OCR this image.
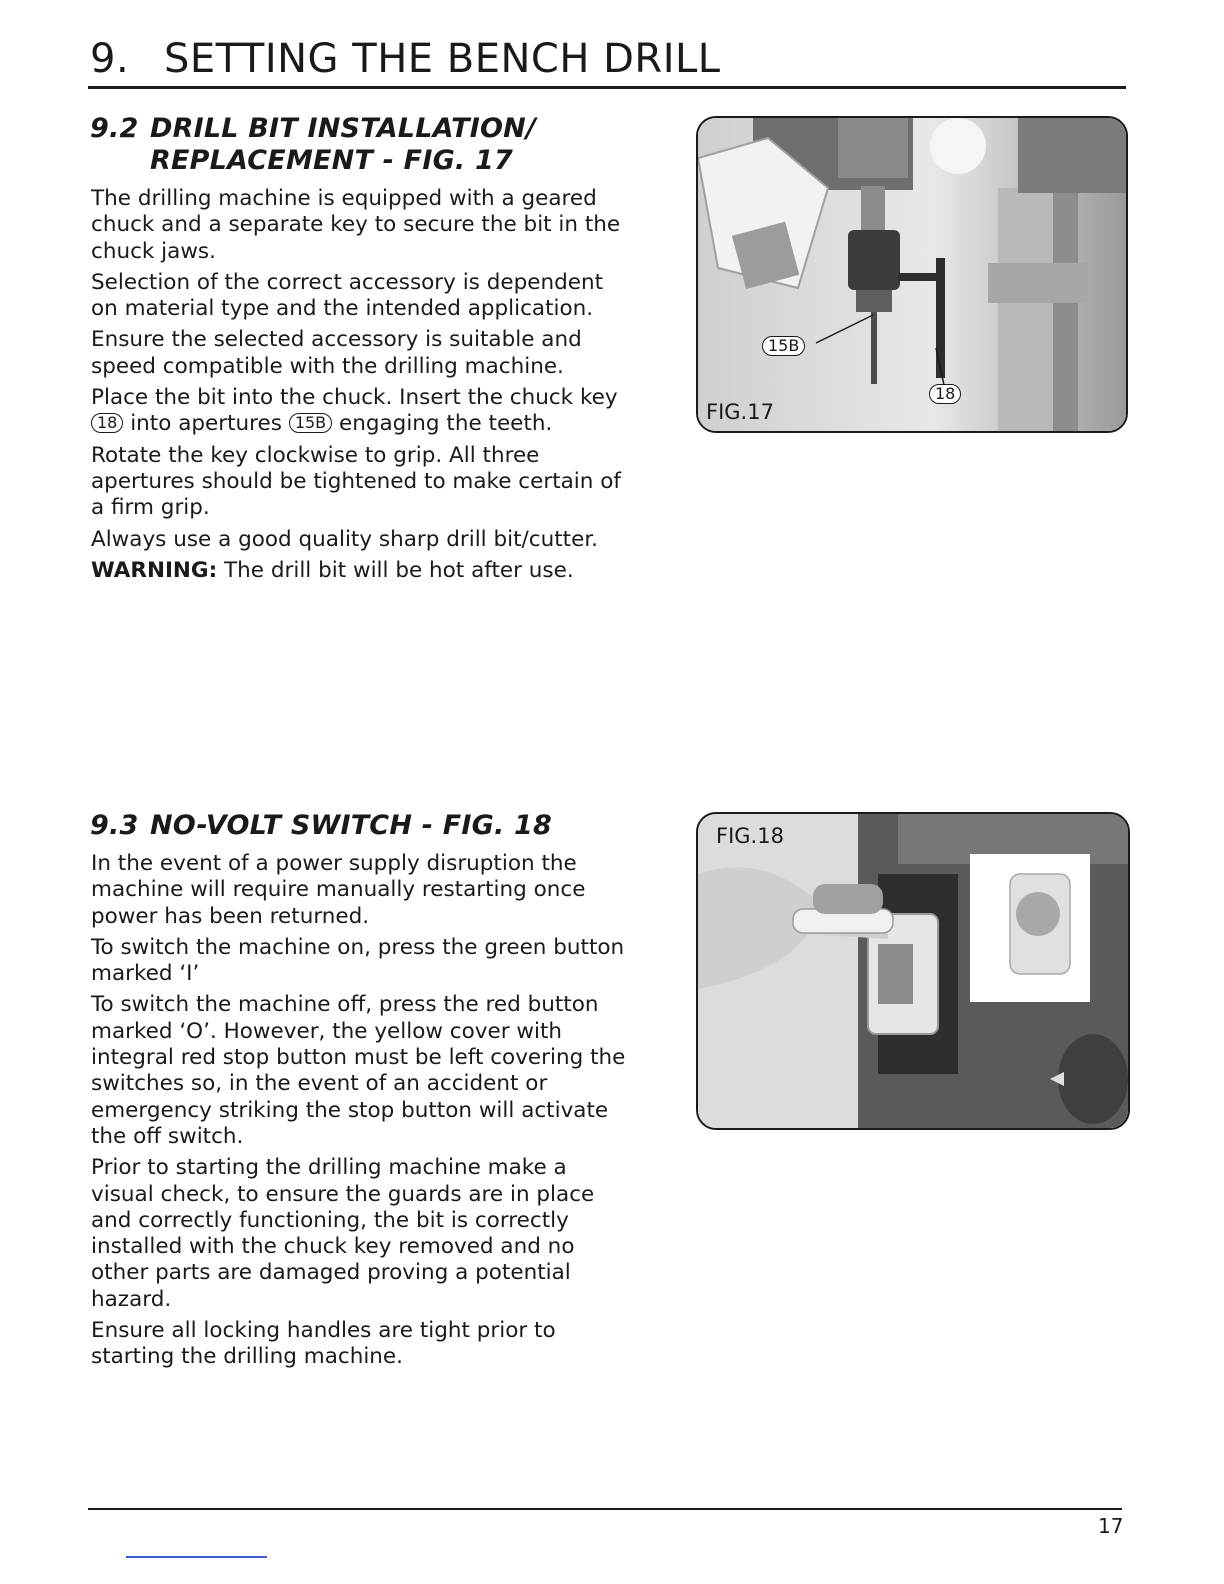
9. SETTING THE BENCH DRILL
9.2 DRILL BIT INSTALLATION/
REPLACEMENT - FIG. 17

The drilling machine is equipped with a geared chuck and a separate key to secure the bit in the chuck jaws.

Selection of the correct accessory is dependent on material type and the intended application.

Ensure the selected accessory is suitable and speed compatible with the drilling machine.

Place the bit into the chuck. Insert the chuck key 18 into apertures 15B engaging the teeth.

Rotate the key clockwise to grip. All three apertures should be tightened to make certain of a firm grip.

Always use a good quality sharp drill bit/cutter.

WARNING: The drill bit will be hot after use.

15B
18
FIG.17
9.3 NO-VOLT SWITCH - FIG. 18

In the event of a power supply disruption the machine will require manually restarting once power has been returned.

To switch the machine on, press the green button marked ‘I’

To switch the machine off, press the red button marked ‘O’. However, the yellow cover with integral red stop button must be left covering the switches so, in the event of an accident or emergency striking the stop button will activate the off switch.

Prior to starting the drilling machine make a visual check, to ensure the guards are in place and correctly functioning, the bit is correctly installed with the chuck key removed and no other parts are damaged proving a potential hazard.

Ensure all locking handles are tight prior to starting the drilling machine.

FIG.18
17
